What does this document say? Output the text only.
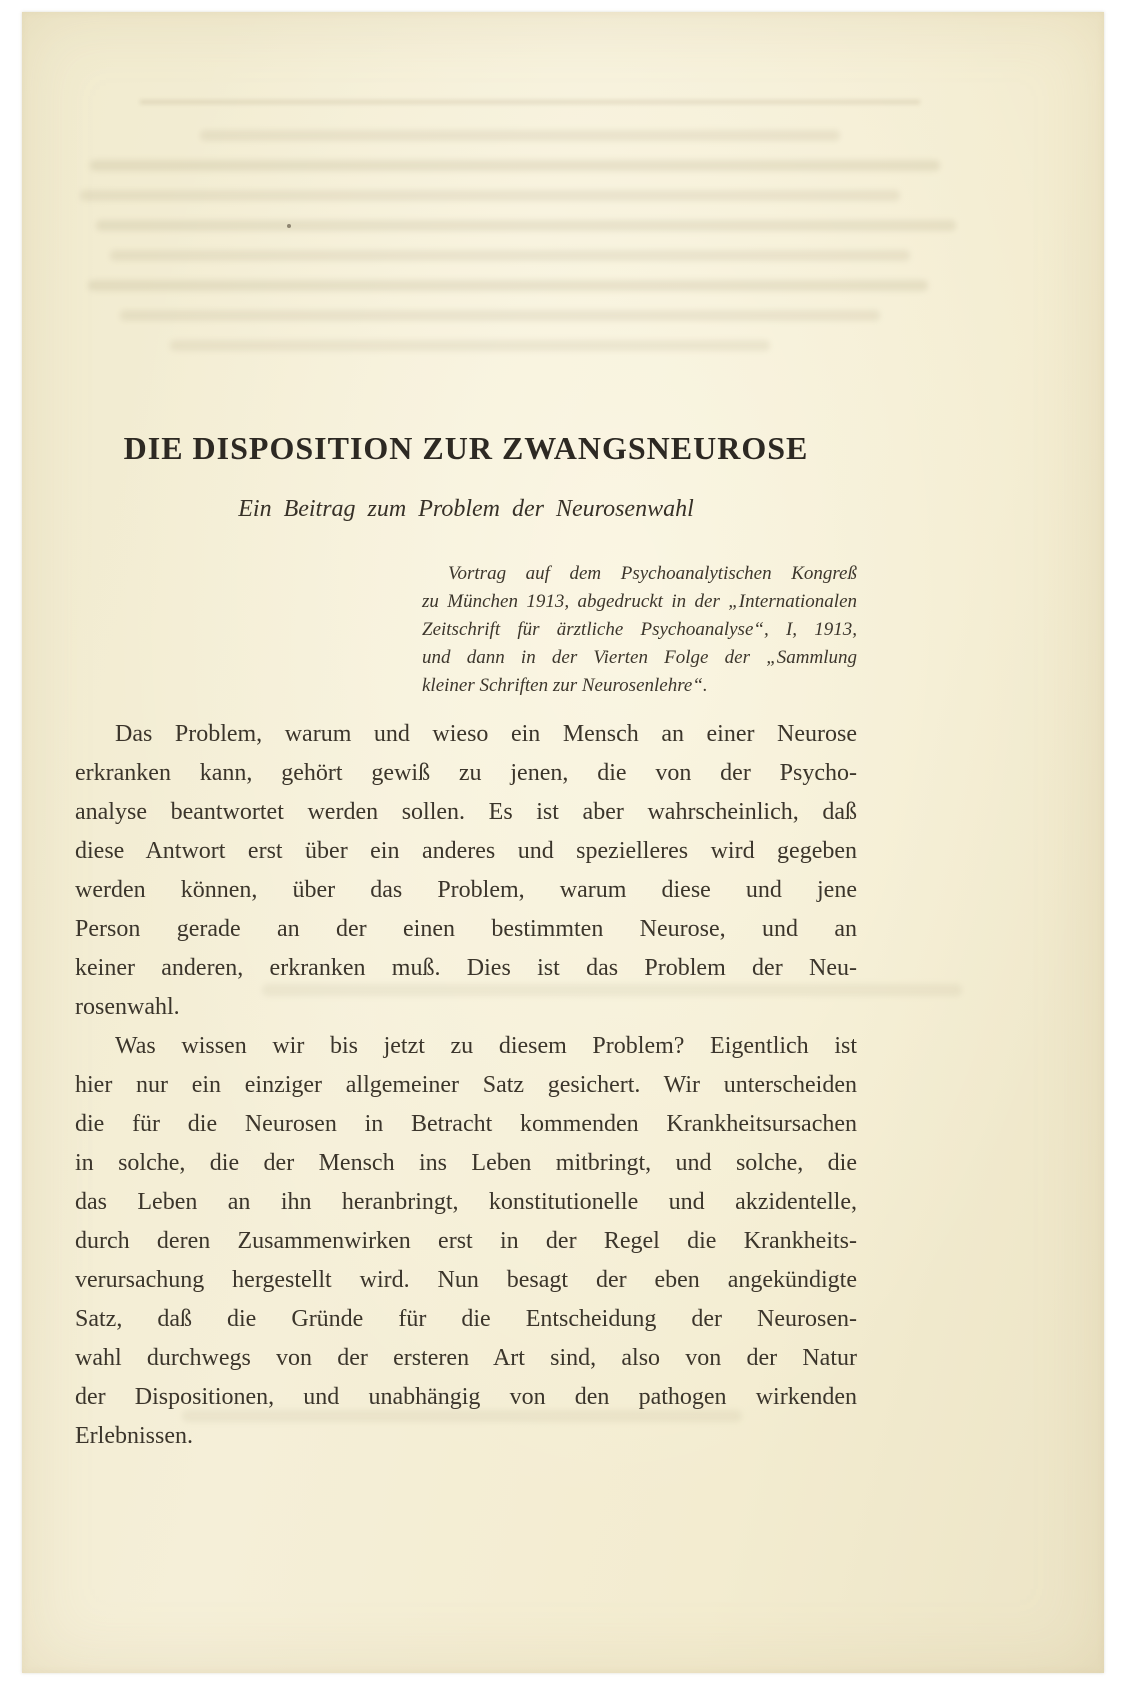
DIE DISPOSITION ZUR ZWANGSNEUROSE
Ein Beitrag zum Problem der Neurosenwahl
Vortrag auf dem Psychoanalytischen Kongreß
zu München 1913, abgedruckt in der „Internationalen
Zeitschrift für ärztliche Psychoanalyse“, I, 1913,
und dann in der Vierten Folge der „Sammlung
kleiner Schriften zur Neurosenlehre“.
Das Problem, warum und wieso ein Mensch an einer Neurose
erkranken kann, gehört gewiß zu jenen, die von der Psycho-
analyse beantwortet werden sollen. Es ist aber wahrscheinlich, daß
diese Antwort erst über ein anderes und spezielleres wird gegeben
werden können, über das Problem, warum diese und jene
Person gerade an der einen bestimmten Neurose, und an
keiner anderen, erkranken muß. Dies ist das Problem der Neu-
rosenwahl.
Was wissen wir bis jetzt zu diesem Problem? Eigentlich ist
hier nur ein einziger allgemeiner Satz gesichert. Wir unterscheiden
die für die Neurosen in Betracht kommenden Krankheitsursachen
in solche, die der Mensch ins Leben mitbringt, und solche, die
das Leben an ihn heranbringt, konstitutionelle und akzidentelle,
durch deren Zusammenwirken erst in der Regel die Krankheits-
verursachung hergestellt wird. Nun besagt der eben angekündigte
Satz, daß die Gründe für die Entscheidung der Neurosen-
wahl durchwegs von der ersteren Art sind, also von der Natur
der Dispositionen, und unabhängig von den pathogen wirkenden
Erlebnissen.
